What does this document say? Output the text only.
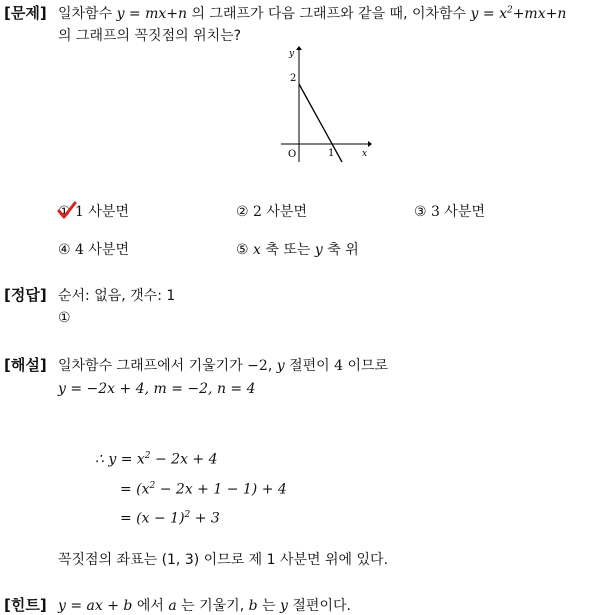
[문제] 일차함수 y = mx+n 의 그래프가 다음 그래프와 같을 때, 이차함수 $y = x^2+mx+n$
의 그래프의 꼭짓점의 위치는?
y
x
O
2
1
① 1 사분면	② 2 사분면	③ 3 사분면
④ 4 사분면	⑤ x 축 또는 y 축 위
[정답] 순서: 없음, 갯수: 1
①
[해설] 일차함수 그래프에서 기울기가 −2, y 절편이 4 이므로
y = −2x + 4, m = −2, n = 4
∴ $y = x^2 - 2x + 4$
= $(x^2 - 2x + 1 - 1) + 4$
= $(x - 1)^2 + 3$
꼭짓점의 좌표는 (1, 3) 이므로 제 1 사분면 위에 있다.
[힌트] y = ax + b 에서 a 는 기울기, b 는 y 절편이다.
